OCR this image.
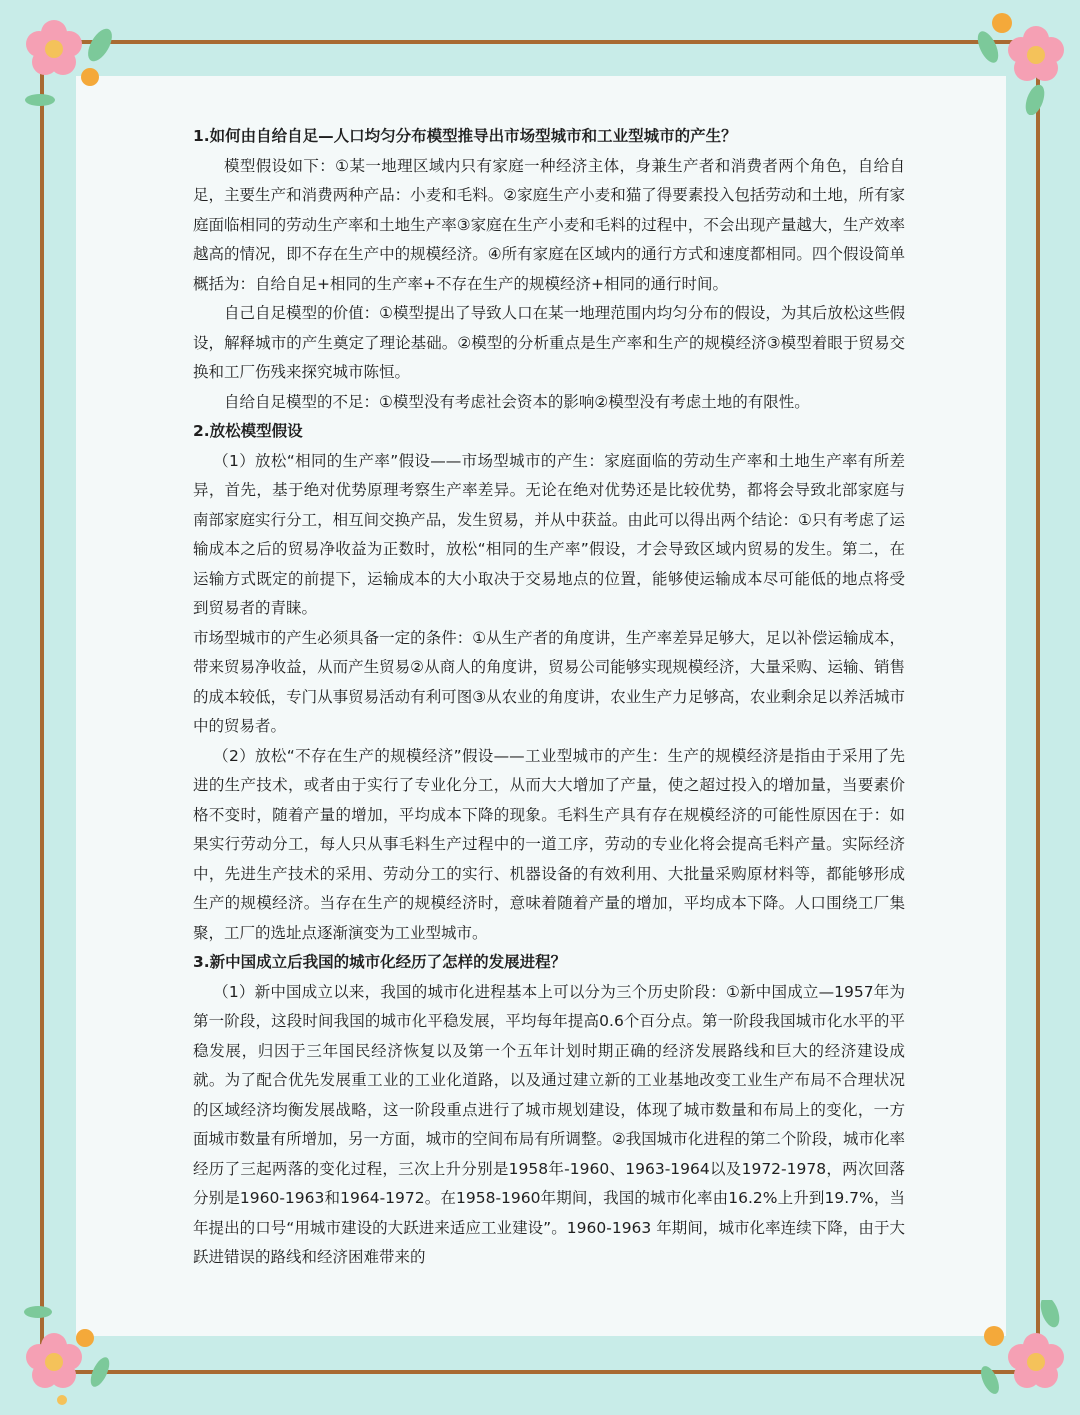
1.如何由自给自足—人口均匀分布模型推导出市场型城市和工业型城市的产生？

模型假设如下：①某一地理区域内只有家庭一种经济主体，身兼生产者和消费者两个角色，自给自足，主要生产和消费两种产品：小麦和毛料。②家庭生产小麦和猫了得要素投入包括劳动和土地，所有家庭面临相同的劳动生产率和土地生产率③家庭在生产小麦和毛料的过程中，不会出现产量越大，生产效率越高的情况，即不存在生产中的规模经济。④所有家庭在区域内的通行方式和速度都相同。四个假设简单概括为：自给自足+相同的生产率+不存在生产的规模经济+相同的通行时间。

自己自足模型的价值：①模型提出了导致人口在某一地理范围内均匀分布的假设，为其后放松这些假设，解释城市的产生奠定了理论基础。②模型的分析重点是生产率和生产的规模经济③模型着眼于贸易交换和工厂伤残来探究城市陈恒。

自给自足模型的不足：①模型没有考虑社会资本的影响②模型没有考虑土地的有限性。

2.放松模型假设

（1）放松“相同的生产率”假设——市场型城市的产生：家庭面临的劳动生产率和土地生产率有所差异，首先，基于绝对优势原理考察生产率差异。无论在绝对优势还是比较优势，都将会导致北部家庭与南部家庭实行分工，相互间交换产品，发生贸易，并从中获益。由此可以得出两个结论：①只有考虑了运输成本之后的贸易净收益为正数时，放松“相同的生产率”假设，才会导致区域内贸易的发生。第二，在运输方式既定的前提下，运输成本的大小取决于交易地点的位置，能够使运输成本尽可能低的地点将受到贸易者的青睐。

市场型城市的产生必须具备一定的条件：①从生产者的角度讲，生产率差异足够大，足以补偿运输成本，带来贸易净收益，从而产生贸易②从商人的角度讲，贸易公司能够实现规模经济，大量采购、运输、销售的成本较低，专门从事贸易活动有利可图③从农业的角度讲，农业生产力足够高，农业剩余足以养活城市中的贸易者。

（2）放松“不存在生产的规模经济”假设——工业型城市的产生：生产的规模经济是指由于采用了先进的生产技术，或者由于实行了专业化分工，从而大大增加了产量，使之超过投入的增加量，当要素价格不变时，随着产量的增加，平均成本下降的现象。毛料生产具有存在规模经济的可能性原因在于：如果实行劳动分工，每人只从事毛料生产过程中的一道工序，劳动的专业化将会提高毛料产量。实际经济中，先进生产技术的采用、劳动分工的实行、机器设备的有效利用、大批量采购原材料等，都能够形成生产的规模经济。当存在生产的规模经济时，意味着随着产量的增加，平均成本下降。人口围绕工厂集聚，工厂的选址点逐渐演变为工业型城市。

3.新中国成立后我国的城市化经历了怎样的发展进程？

（1）新中国成立以来，我国的城市化进程基本上可以分为三个历史阶段：①新中国成立—1957年为第一阶段，这段时间我国的城市化平稳发展，平均每年提高0.6个百分点。第一阶段我国城市化水平的平稳发展，归因于三年国民经济恢复以及第一个五年计划时期正确的经济发展路线和巨大的经济建设成就。为了配合优先发展重工业的工业化道路，以及通过建立新的工业基地改变工业生产布局不合理状况的区域经济均衡发展战略，这一阶段重点进行了城市规划建设，体现了城市数量和布局上的变化，一方面城市数量有所增加，另一方面，城市的空间布局有所调整。②我国城市化进程的第二个阶段，城市化率经历了三起两落的变化过程，三次上升分别是1958年-1960、1963-1964以及1972-1978，两次回落分别是1960-1963和1964-1972。在1958-1960年期间，我国的城市化率由16.2%上升到19.7%，当年提出的口号“用城市建设的大跃进来适应工业建设”。1960-1963 年期间，城市化率连续下降，由于大跃进错误的路线和经济困难带来的
